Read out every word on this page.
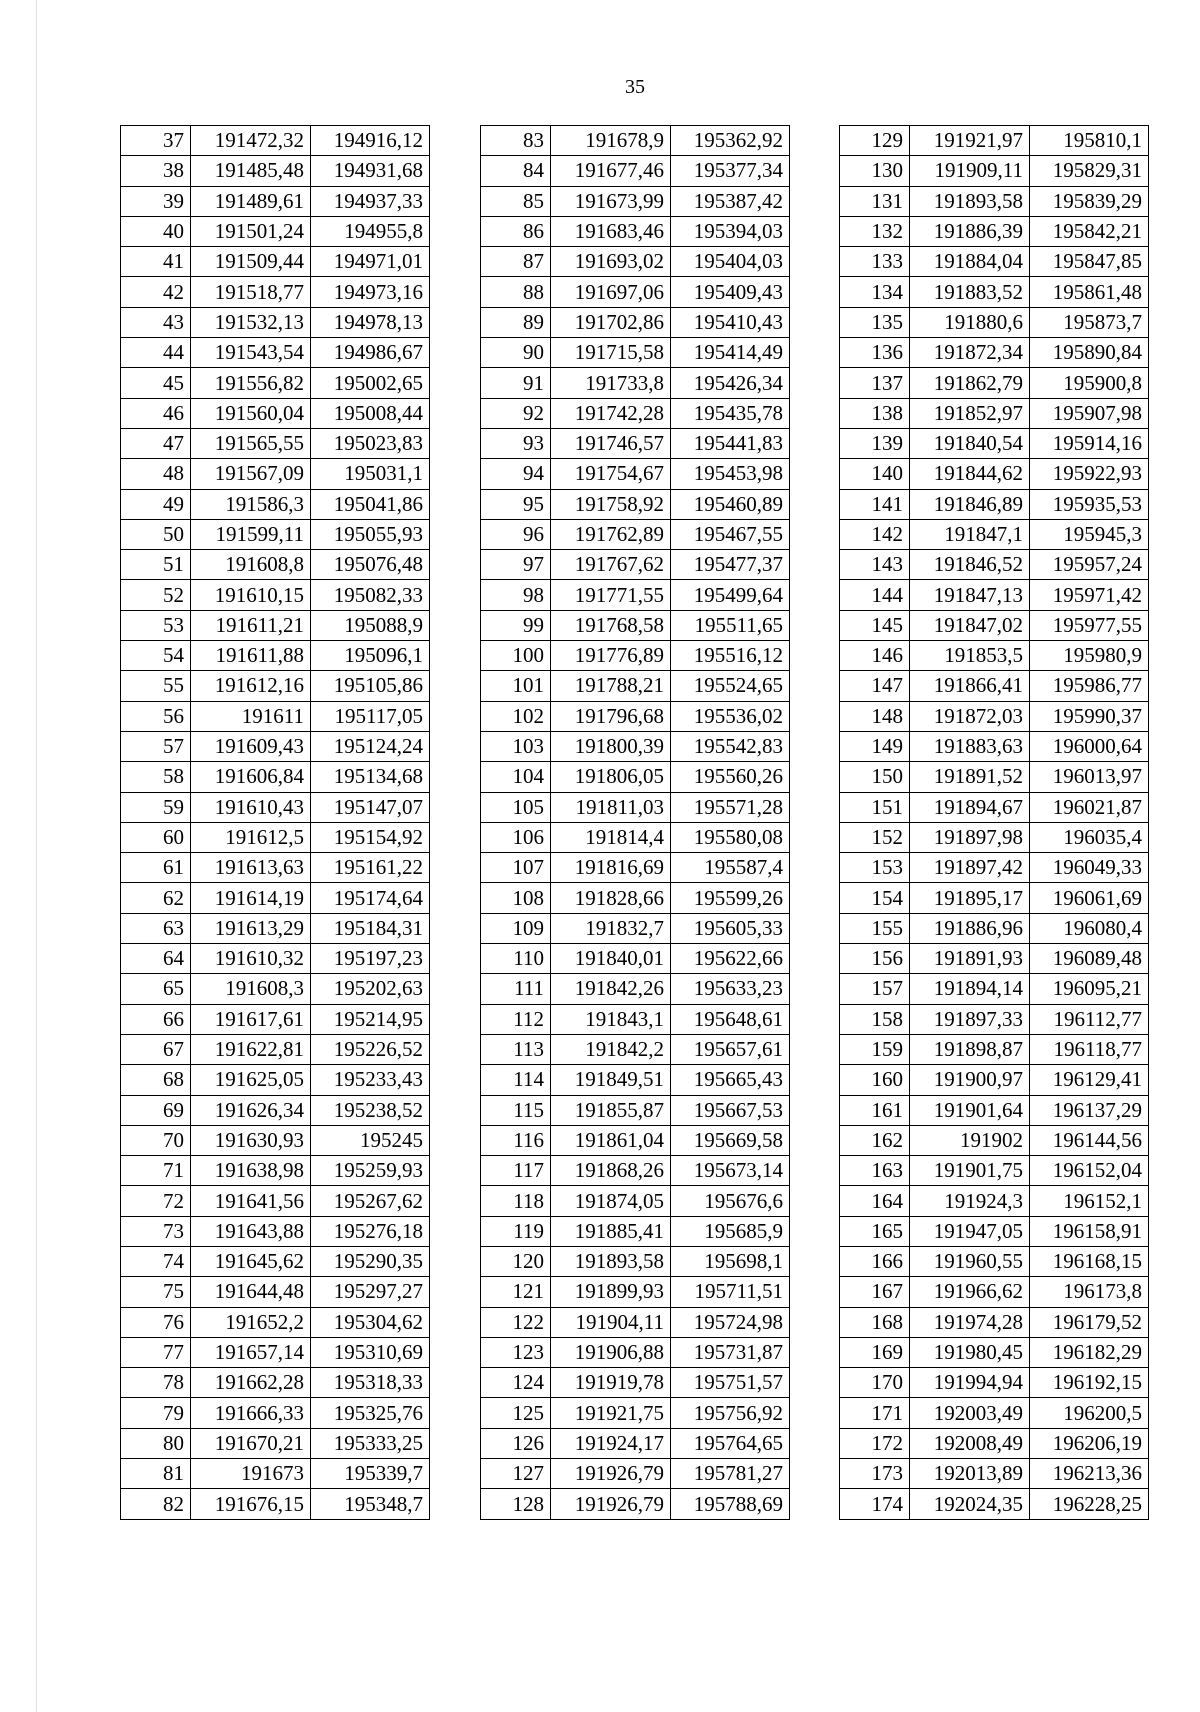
35
37	191472,32	194916,12
38	191485,48	194931,68
39	191489,61	194937,33
40	191501,24	194955,8
41	191509,44	194971,01
42	191518,77	194973,16
43	191532,13	194978,13
44	191543,54	194986,67
45	191556,82	195002,65
46	191560,04	195008,44
47	191565,55	195023,83
48	191567,09	195031,1
49	191586,3	195041,86
50	191599,11	195055,93
51	191608,8	195076,48
52	191610,15	195082,33
53	191611,21	195088,9
54	191611,88	195096,1
55	191612,16	195105,86
56	191611	195117,05
57	191609,43	195124,24
58	191606,84	195134,68
59	191610,43	195147,07
60	191612,5	195154,92
61	191613,63	195161,22
62	191614,19	195174,64
63	191613,29	195184,31
64	191610,32	195197,23
65	191608,3	195202,63
66	191617,61	195214,95
67	191622,81	195226,52
68	191625,05	195233,43
69	191626,34	195238,52
70	191630,93	195245
71	191638,98	195259,93
72	191641,56	195267,62
73	191643,88	195276,18
74	191645,62	195290,35
75	191644,48	195297,27
76	191652,2	195304,62
77	191657,14	195310,69
78	191662,28	195318,33
79	191666,33	195325,76
80	191670,21	195333,25
81	191673	195339,7
82	191676,15	195348,7
83	191678,9	195362,92
84	191677,46	195377,34
85	191673,99	195387,42
86	191683,46	195394,03
87	191693,02	195404,03
88	191697,06	195409,43
89	191702,86	195410,43
90	191715,58	195414,49
91	191733,8	195426,34
92	191742,28	195435,78
93	191746,57	195441,83
94	191754,67	195453,98
95	191758,92	195460,89
96	191762,89	195467,55
97	191767,62	195477,37
98	191771,55	195499,64
99	191768,58	195511,65
100	191776,89	195516,12
101	191788,21	195524,65
102	191796,68	195536,02
103	191800,39	195542,83
104	191806,05	195560,26
105	191811,03	195571,28
106	191814,4	195580,08
107	191816,69	195587,4
108	191828,66	195599,26
109	191832,7	195605,33
110	191840,01	195622,66
111	191842,26	195633,23
112	191843,1	195648,61
113	191842,2	195657,61
114	191849,51	195665,43
115	191855,87	195667,53
116	191861,04	195669,58
117	191868,26	195673,14
118	191874,05	195676,6
119	191885,41	195685,9
120	191893,58	195698,1
121	191899,93	195711,51
122	191904,11	195724,98
123	191906,88	195731,87
124	191919,78	195751,57
125	191921,75	195756,92
126	191924,17	195764,65
127	191926,79	195781,27
128	191926,79	195788,69
129	191921,97	195810,1
130	191909,11	195829,31
131	191893,58	195839,29
132	191886,39	195842,21
133	191884,04	195847,85
134	191883,52	195861,48
135	191880,6	195873,7
136	191872,34	195890,84
137	191862,79	195900,8
138	191852,97	195907,98
139	191840,54	195914,16
140	191844,62	195922,93
141	191846,89	195935,53
142	191847,1	195945,3
143	191846,52	195957,24
144	191847,13	195971,42
145	191847,02	195977,55
146	191853,5	195980,9
147	191866,41	195986,77
148	191872,03	195990,37
149	191883,63	196000,64
150	191891,52	196013,97
151	191894,67	196021,87
152	191897,98	196035,4
153	191897,42	196049,33
154	191895,17	196061,69
155	191886,96	196080,4
156	191891,93	196089,48
157	191894,14	196095,21
158	191897,33	196112,77
159	191898,87	196118,77
160	191900,97	196129,41
161	191901,64	196137,29
162	191902	196144,56
163	191901,75	196152,04
164	191924,3	196152,1
165	191947,05	196158,91
166	191960,55	196168,15
167	191966,62	196173,8
168	191974,28	196179,52
169	191980,45	196182,29
170	191994,94	196192,15
171	192003,49	196200,5
172	192008,49	196206,19
173	192013,89	196213,36
174	192024,35	196228,25
